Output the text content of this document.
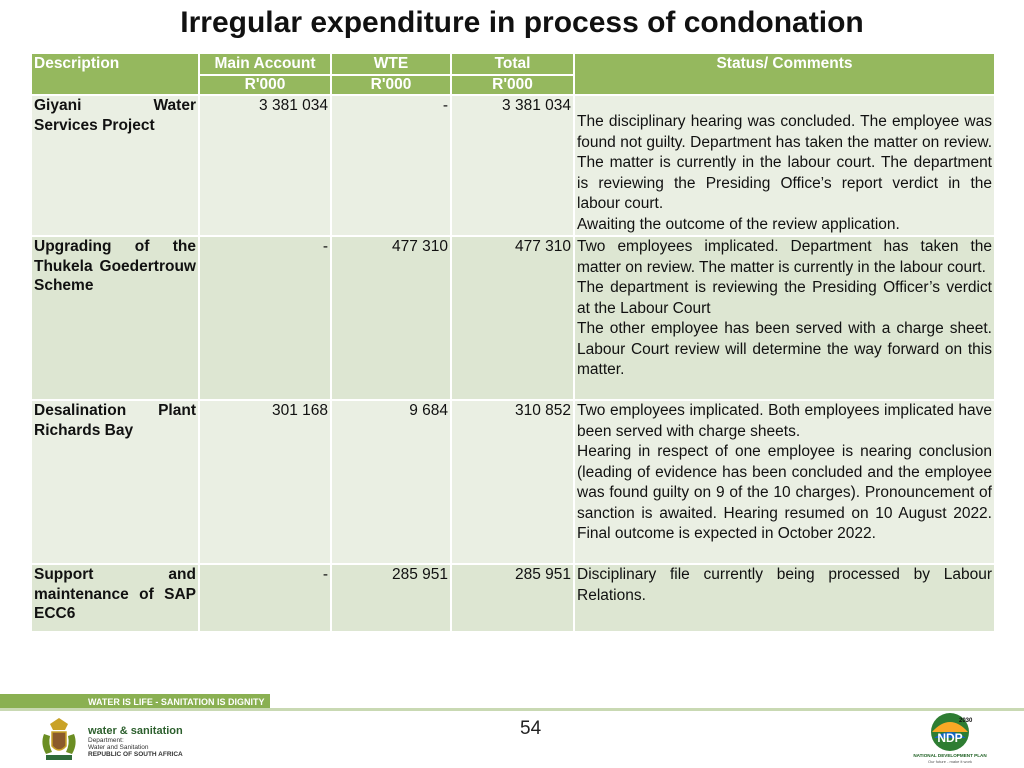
Irregular expenditure in process of condonation
Description	Main Account	WTE	Total	Status/ Comments
	R'000	R'000	R'000	
Giyani Water Services Project	3 381 034	-	3 381 034	The disciplinary hearing was concluded. The employee was found not guilty. Department has taken the matter on review. The matter is currently in the labour court. The department is reviewing the Presiding Office’s report verdict in the labour court.
Awaiting the outcome of the review application.

Upgrading of the Thukela Goedertrouw Scheme	-	477 310	477 310	Two employees implicated. Department has taken the matter on review. The matter is currently in the labour court.
The department is reviewing the Presiding Officer’s verdict at the Labour Court
The other employee has been served with a charge sheet. Labour Court review will determine the way forward on this matter.

Desalination Plant Richards Bay	301 168	9 684	310 852	Two employees implicated. Both employees implicated have been served with charge sheets.
Hearing in respect of one employee is nearing conclusion (leading of evidence has been concluded and the employee was found guilty on 9 of the 10 charges). Pronouncement of sanction is awaited. Hearing resumed on 10 August 2022. Final outcome is expected in October 2022.

Support and maintenance of SAP ECC6	-	285 951	285 951	Disciplinary file currently being processed by Labour Relations.
WATER IS LIFE - SANITATION IS DIGNITY
water & sanitation
Department:
Water and Sanitation
REPUBLIC OF SOUTH AFRICA
54	2030
NDP
NATIONAL DEVELOPMENT PLAN
Our future - make it work
